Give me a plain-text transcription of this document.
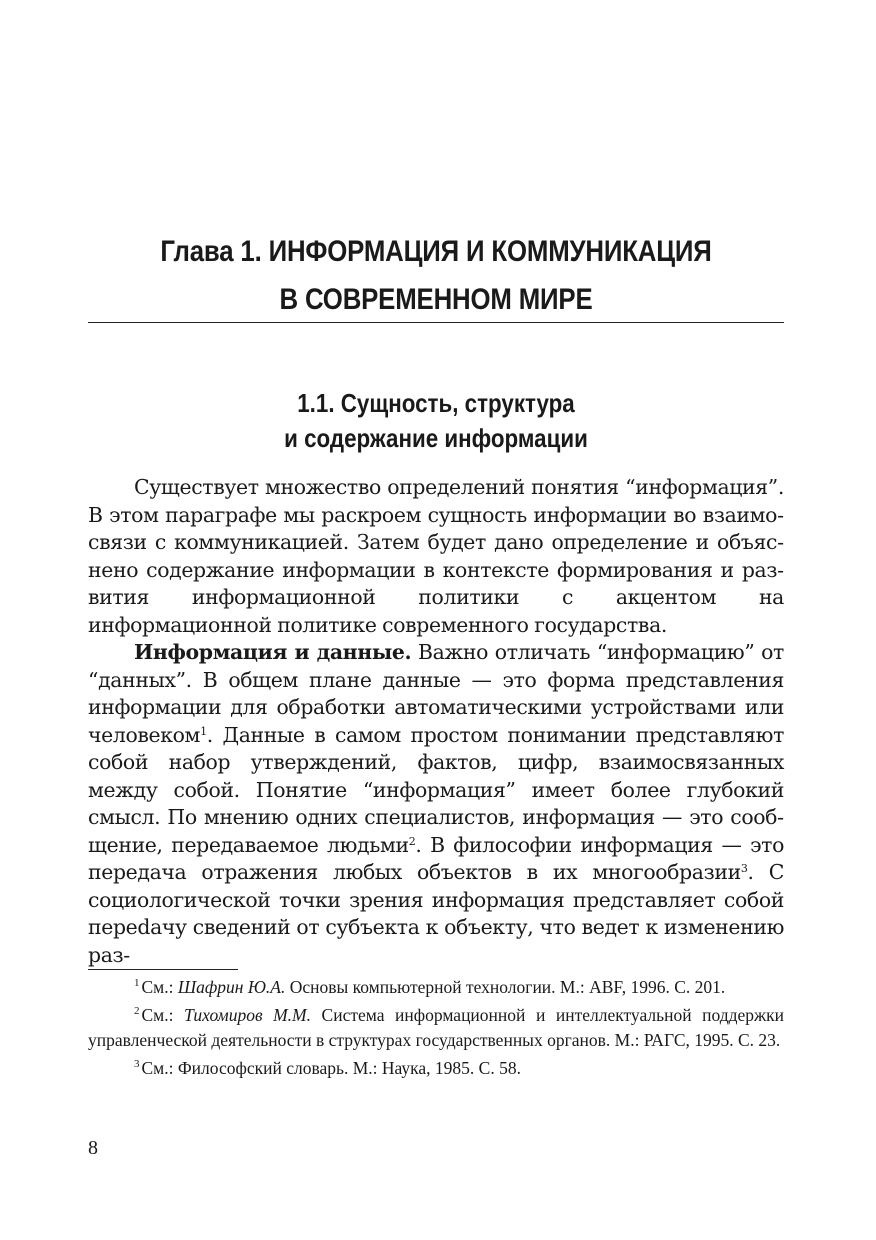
Глава 1. ИНФОРМАЦИЯ И КОММУНИКАЦИЯ
В СОВРЕМЕННОМ МИРЕ
1.1. Сущность, структура
и содержание информации

Существует множество определений понятия “информация”. В этом параграфе мы раскроем сущность информации во взаимосвязи с коммуникацией. Затем будет дано определение и объяснено содержание информации в контексте формирования и развития информационной политики с акцентом на информационной политике современного государства.

Информация и данные. Важно отличать “информацию” от “данных”. В общем плане данные — это форма представления информации для обработки автоматическими устройствами или человеком$^1$. Данные в самом простом понимании представляют собой набор утверждений, фактов, цифр, взаимосвязанных между собой. Понятие “информация” имеет более глубокий смысл. По мнению одних специалистов, информация — это сообщение, передаваемое людьми$^2$. В философии информация — это передача отражения любых объектов в их многообразии$^3$. С социологической точки зрения информация представляет собой переdачу сведений от субъекта к объекту, что ведет к изменению раз-

$^1$ См.: Шафрин Ю.А. Основы компьютерной технологии. М.: ABF, 1996. С. 201.

$^2$ См.: Тихомиров М.М. Система информационной и интеллектуальной поддержки управленческой деятельности в структурах государственных органов. М.: РАГС, 1995. С. 23.

$^3$ См.: Философский словарь. М.: Наука, 1985. С. 58.

8
